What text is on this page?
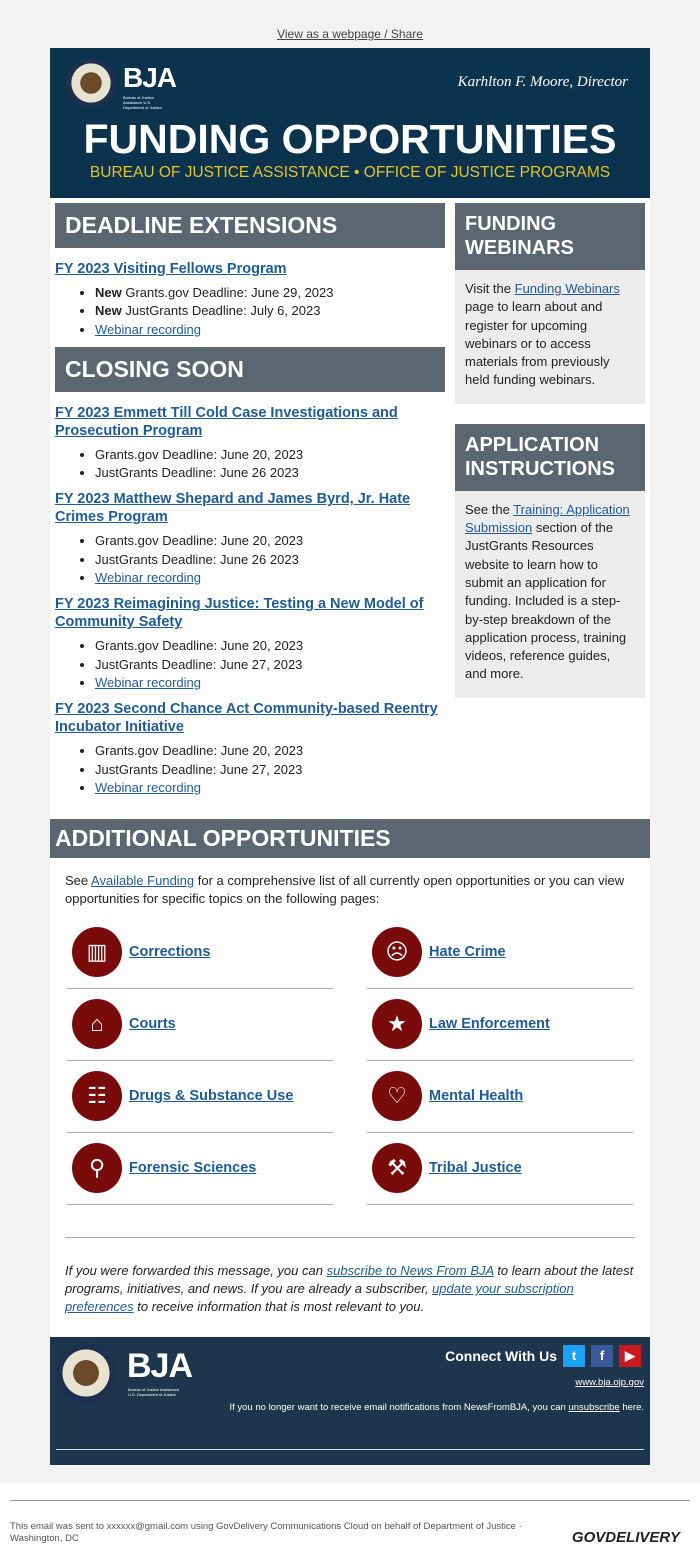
View as a webpage / Share
BJA
Bureau of Justice Assistance U.S. Department of Justice
Karhlton F. Moore, Director
FUNDING OPPORTUNITIES
BUREAU OF JUSTICE ASSISTANCE • OFFICE OF JUSTICE PROGRAMS
DEADLINE EXTENSIONS
FY 2023 Visiting Fellows Program
• New Grants.gov Deadline: June 29, 2023
• New JustGrants Deadline: July 6, 2023
• Webinar recording
CLOSING SOON
FY 2023 Emmett Till Cold Case Investigations and Prosecution Program
• Grants.gov Deadline: June 20, 2023
• JustGrants Deadline: June 26 2023
FY 2023 Matthew Shepard and James Byrd, Jr. Hate Crimes Program
• Grants.gov Deadline: June 20, 2023
• JustGrants Deadline: June 26 2023
• Webinar recording
FY 2023 Reimagining Justice: Testing a New Model of Community Safety
• Grants.gov Deadline: June 20, 2023
• JustGrants Deadline: June 27, 2023
• Webinar recording
FY 2023 Second Chance Act Community-based Reentry Incubator Initiative
• Grants.gov Deadline: June 20, 2023
• JustGrants Deadline: June 27, 2023
• Webinar recording
FUNDING WEBINARS

Visit the Funding Webinars page to learn about and register for upcoming webinars or to access materials from previously held funding webinars.

APPLICATION INSTRUCTIONS

See the Training: Application Submission section of the JustGrants Resources website to learn how to submit an application for funding. Included is a step-by-step breakdown of the application process, training videos, reference guides, and more.

ADDITIONAL OPPORTUNITIES
See Available Funding for a comprehensive list of all currently open opportunities or you can view opportunities for specific topics on the following pages:
▥	Corrections	☹	Hate Crime
⌂	Courts	★	Law Enforcement
☷	Drugs & Substance Use	♡	Mental Health
⚲	Forensic Sciences	⚒	Tribal Justice
If you were forwarded this message, you can subscribe to News From BJA to learn about the latest programs, initiatives, and news. If you are already a subscriber, update your subscription preferences to receive information that is most relevant to you.
BJA
Bureau of Justice Assistance U.S. Department of Justice
Connect With Us	t	f	▶
www.bja.ojp.gov
If you no longer want to receive email notifications from NewsFromBJA, you can unsubscribe here.
This email was sent to xxxxxx@gmail.com using GovDelivery Communications Cloud on behalf of Department of Justice · Washington, DC	GOVDELIVERY
